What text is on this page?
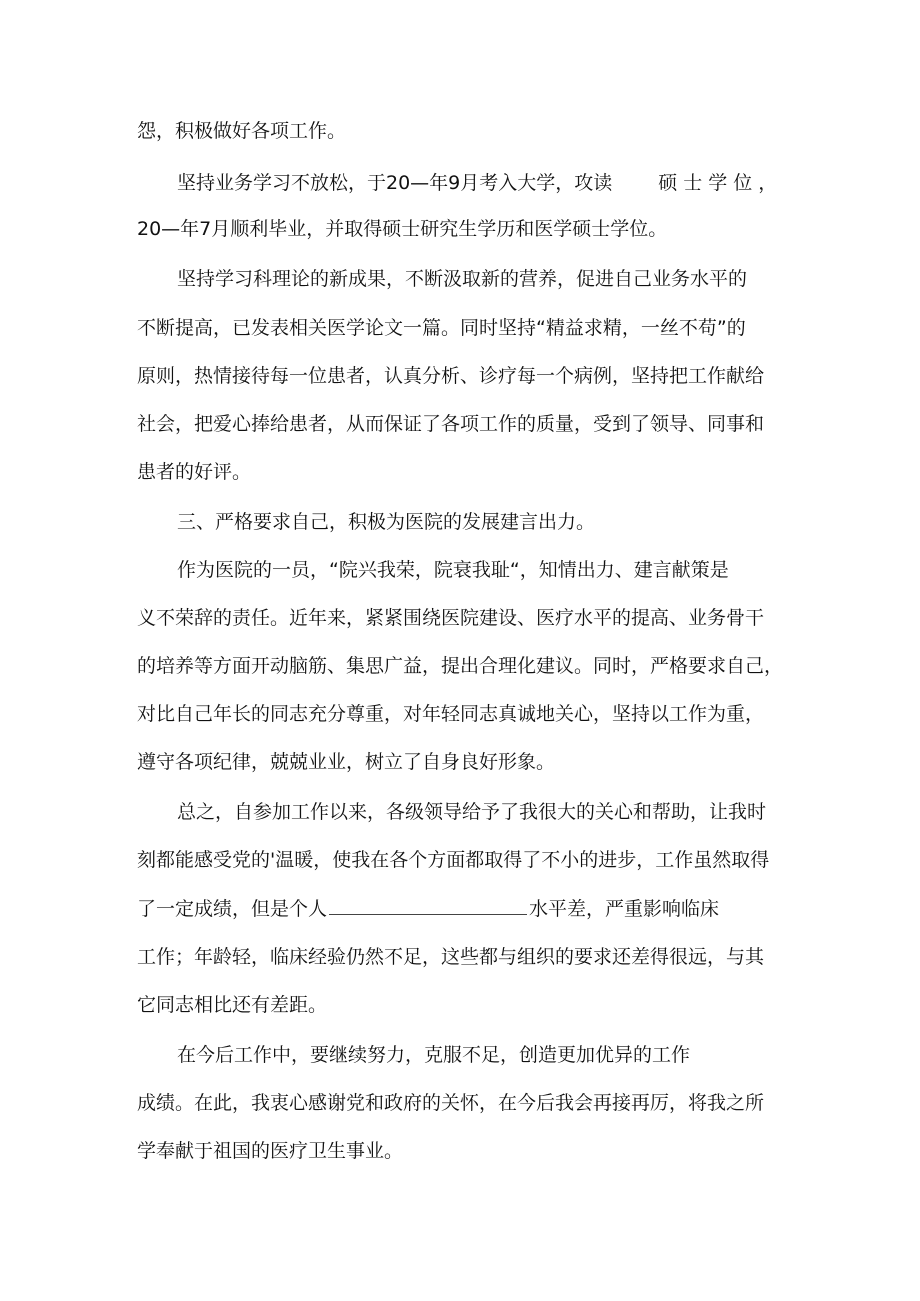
怨，积极做好各项工作。
坚持业务学习不放松，于20—年9月考入大学，攻读 硕士学位，
20—年7月顺利毕业，并取得硕士研究生学历和医学硕士学位。
坚持学习科理论的新成果，不断汲取新的营养，促进自己业务水平的
不断提高，已发表相关医学论文一篇。同时坚持“精益求精，一丝不苟”的
原则，热情接待每一位患者，认真分析、诊疗每一个病例，坚持把工作献给
社会，把爱心捧给患者，从而保证了各项工作的质量，受到了领导、同事和
患者的好评。
三、严格要求自己，积极为医院的发展建言出力。
作为医院的一员，“院兴我荣，院衰我耻“，知情出力、建言献策是
义不荣辞的责任。近年来，紧紧围绕医院建设、医疗水平的提高、业务骨干
的培养等方面开动脑筋、集思广益，提出合理化建议。同时，严格要求自己，
对比自己年长的同志充分尊重，对年轻同志真诚地关心，坚持以工作为重，
遵守各项纪律，兢兢业业，树立了自身良好形象。
总之，自参加工作以来，各级领导给予了我很大的关心和帮助，让我时
刻都能感受党的'温暖，使我在各个方面都取得了不小的进步，工作虽然取得
了一定成绩，但是个人	水平差，严重影响临床
工作；年龄轻，临床经验仍然不足，这些都与组织的要求还差得很远，与其
它同志相比还有差距。
在今后工作中，要继续努力，克服不足，创造更加优异的工作
成绩。在此，我衷心感谢党和政府的关怀，在今后我会再接再厉，将我之所
学奉献于祖国的医疗卫生事业。
